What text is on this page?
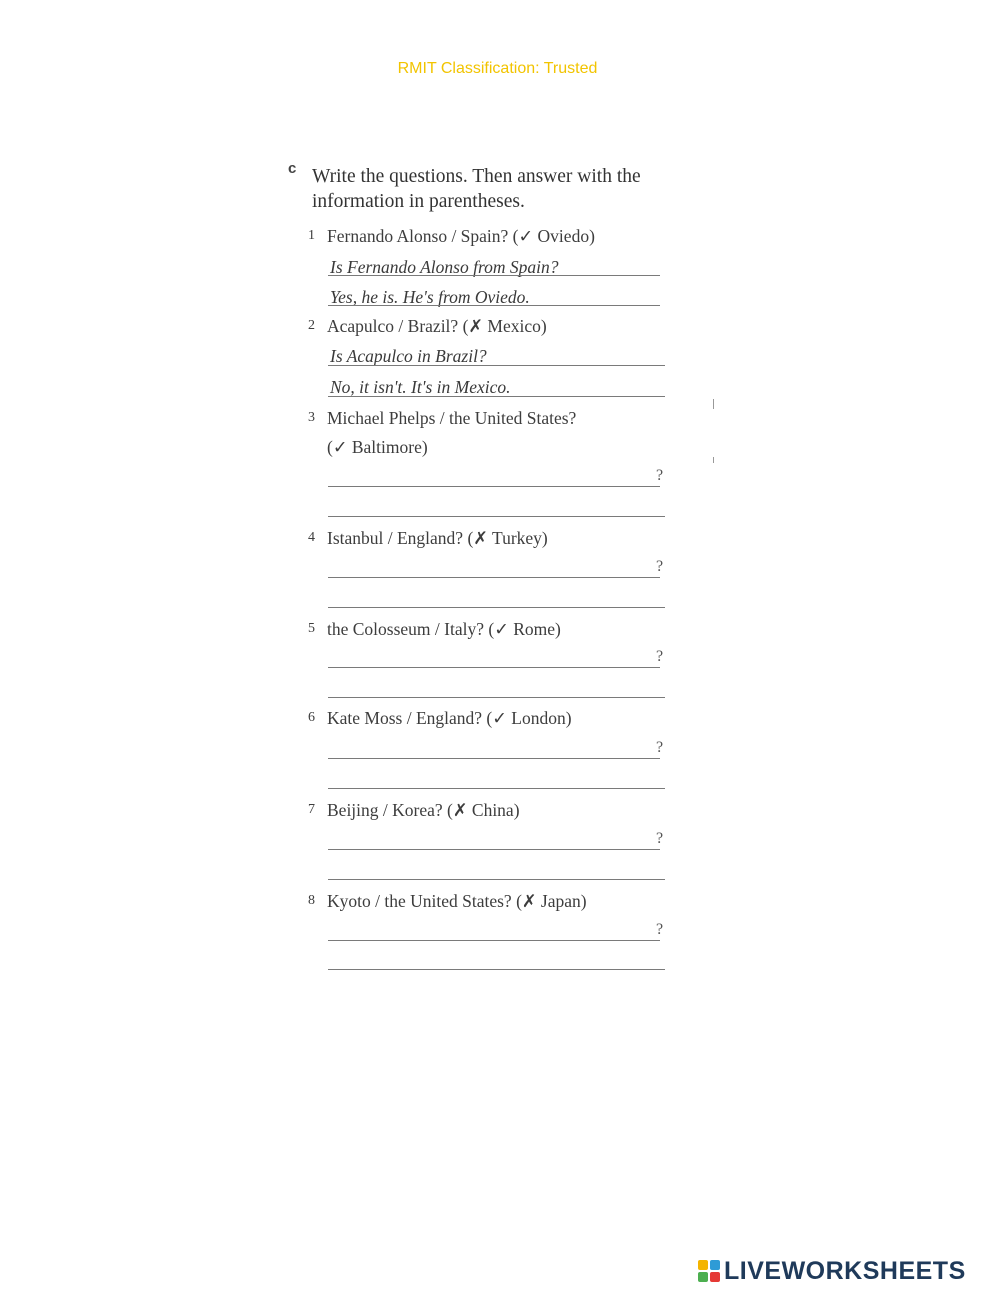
RMIT Classification: Trusted
c Write the questions. Then answer with the information in parentheses.
1 Fernando Alonso / Spain? (✓ Oviedo)
Is Fernando Alonso from Spain?
Yes, he is. He's from Oviedo.
2 Acapulco / Brazil? (✗ Mexico)
Is Acapulco in Brazil?
No, it isn't. It's in Mexico.
3 Michael Phelps / the United States?
(✓ Baltimore)
?
4 Istanbul / England? (✗ Turkey)
?
5 the Colosseum / Italy? (✓ Rome)
?
6 Kate Moss / England? (✓ London)
?
7 Beijing / Korea? (✗ China)
?
8 Kyoto / the United States? (✗ Japan)
?
LIVEWORKSHEETS
